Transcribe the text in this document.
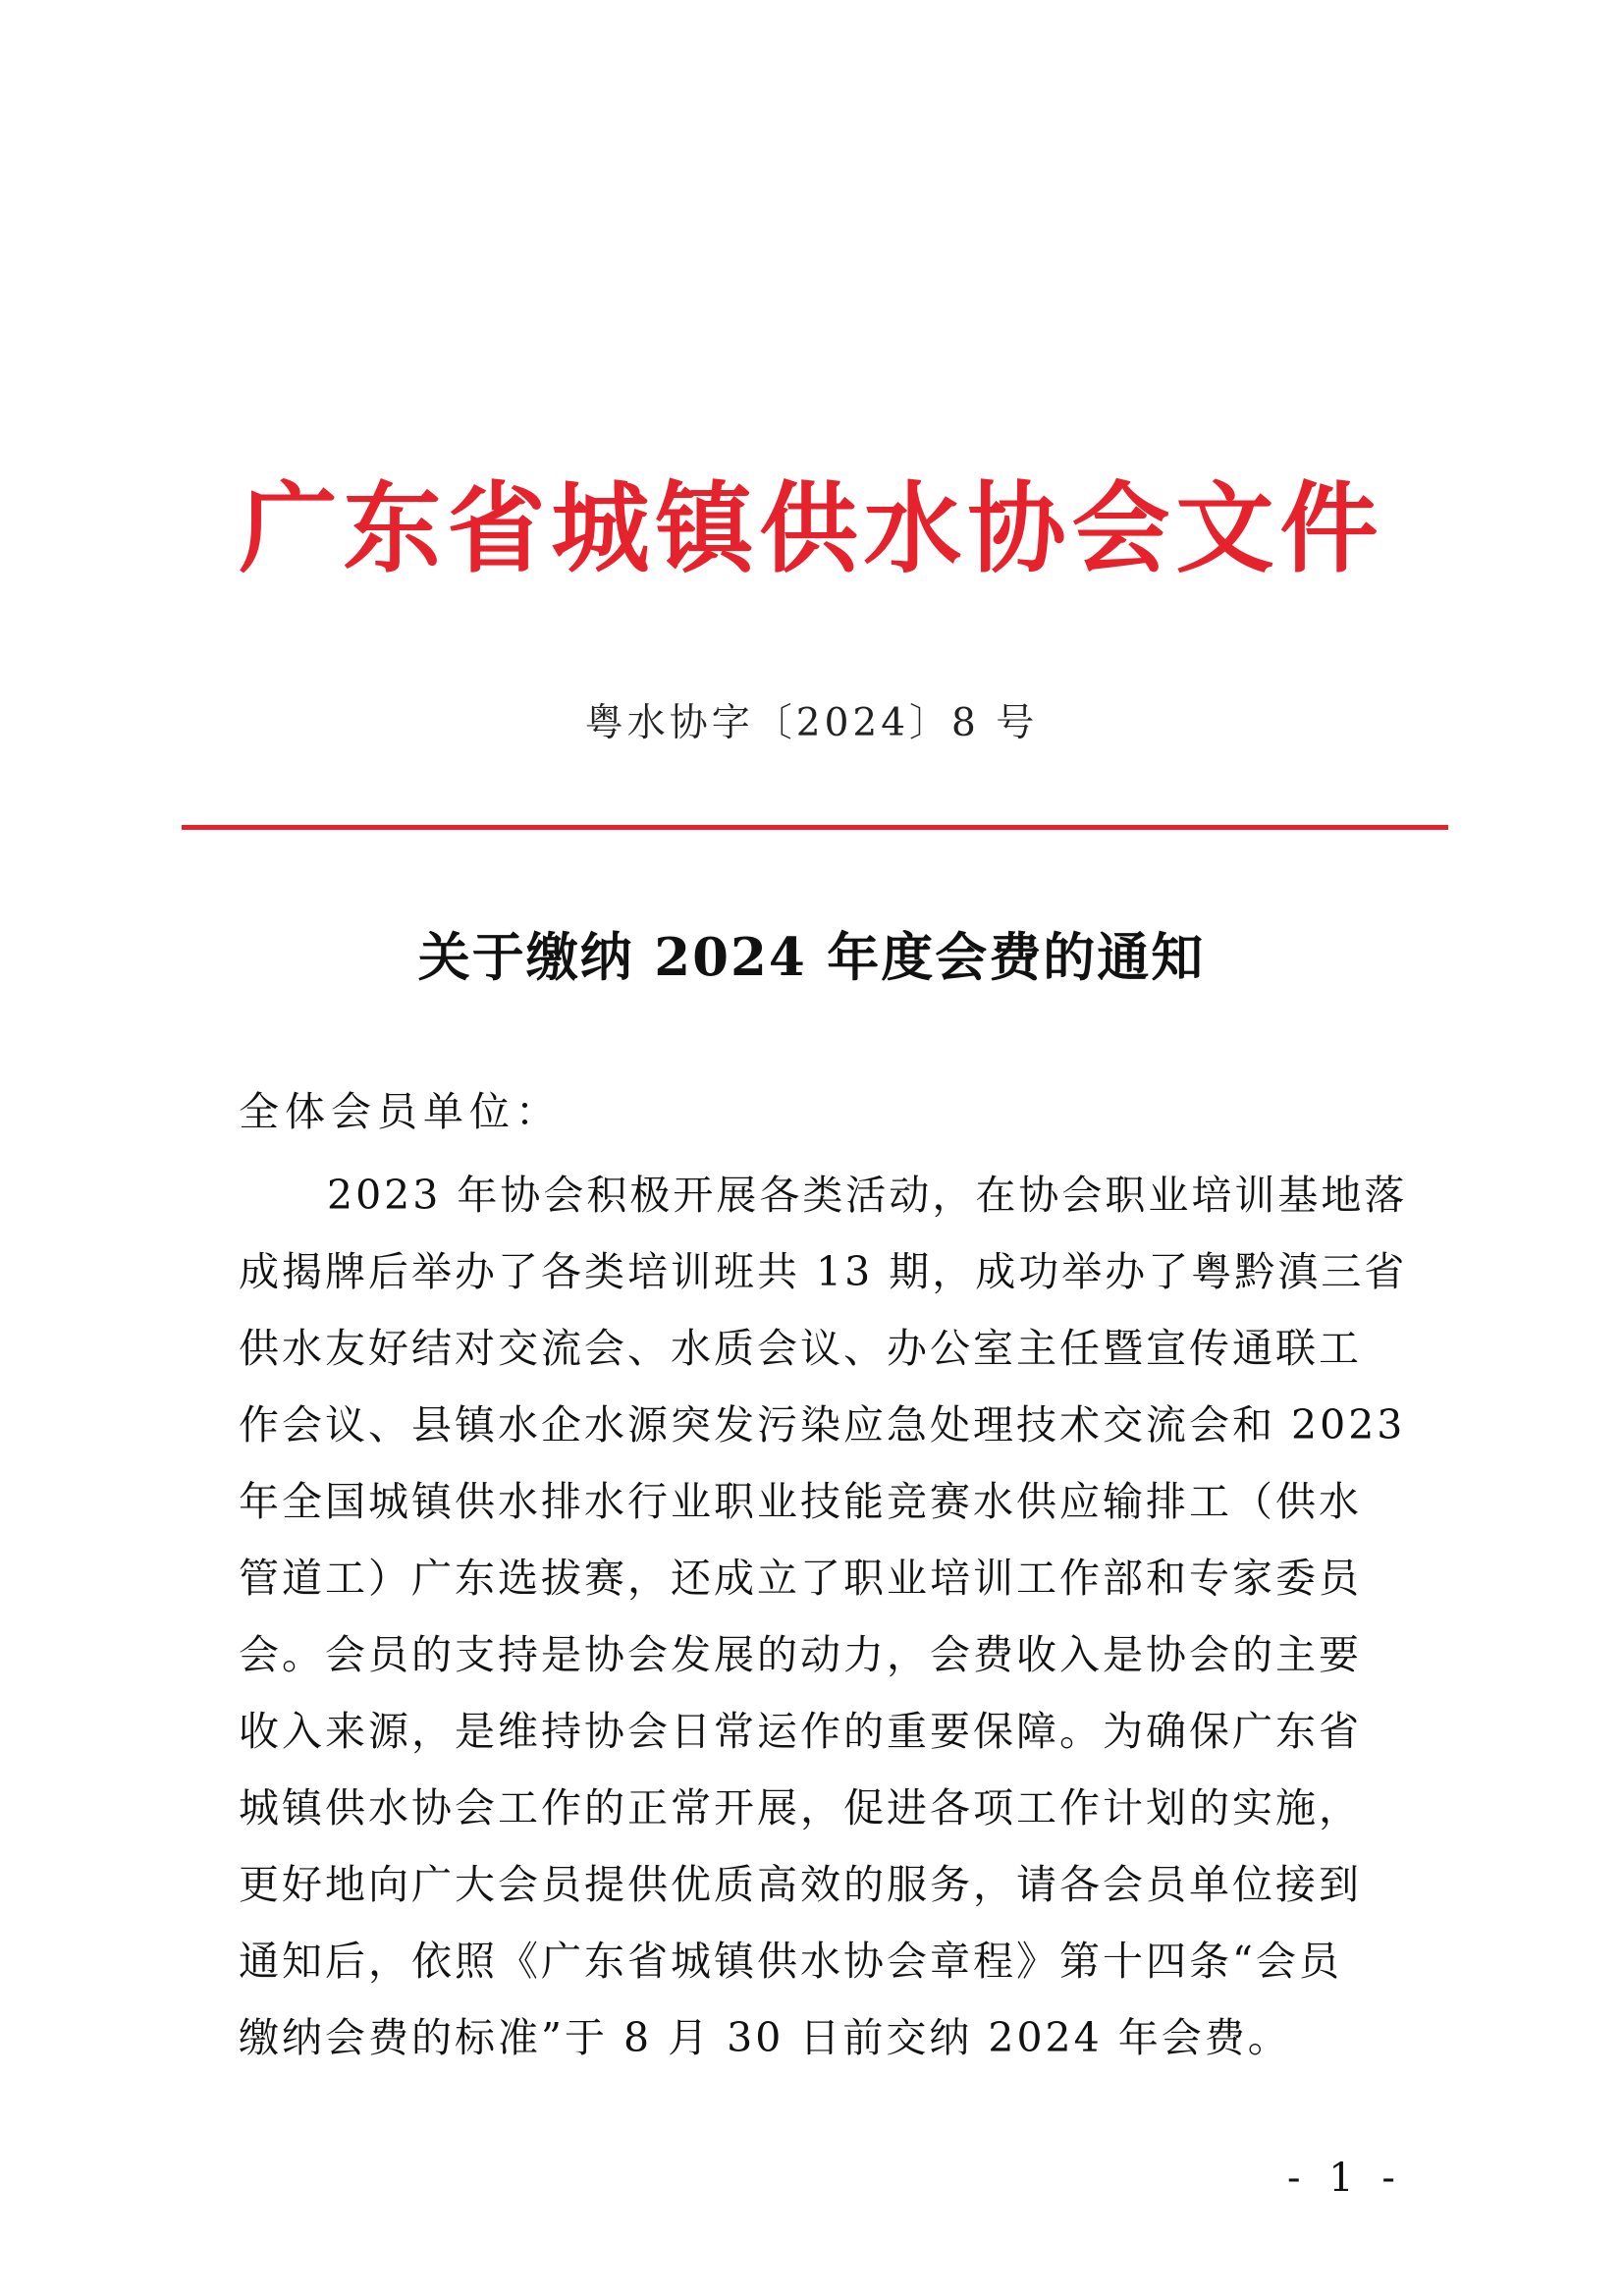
广东省城镇供水协会文件
粤水协字〔2024〕8 号
关于缴纳 2024 年度会费的通知
全体会员单位：
2023 年协会积极开展各类活动，在协会职业培训基地落
成揭牌后举办了各类培训班共 13 期，成功举办了粤黔滇三省
供水友好结对交流会、水质会议、办公室主任暨宣传通联工
作会议、县镇水企水源突发污染应急处理技术交流会和 2023
年全国城镇供水排水行业职业技能竞赛水供应输排工（供水
管道工）广东选拔赛，还成立了职业培训工作部和专家委员
会。会员的支持是协会发展的动力，会费收入是协会的主要
收入来源，是维持协会日常运作的重要保障。为确保广东省
城镇供水协会工作的正常开展，促进各项工作计划的实施，
更好地向广大会员提供优质高效的服务，请各会员单位接到
通知后，依照《广东省城镇供水协会章程》第十四条“会员
缴纳会费的标准”于 8 月 30 日前交纳 2024 年会费。
- 1 -
